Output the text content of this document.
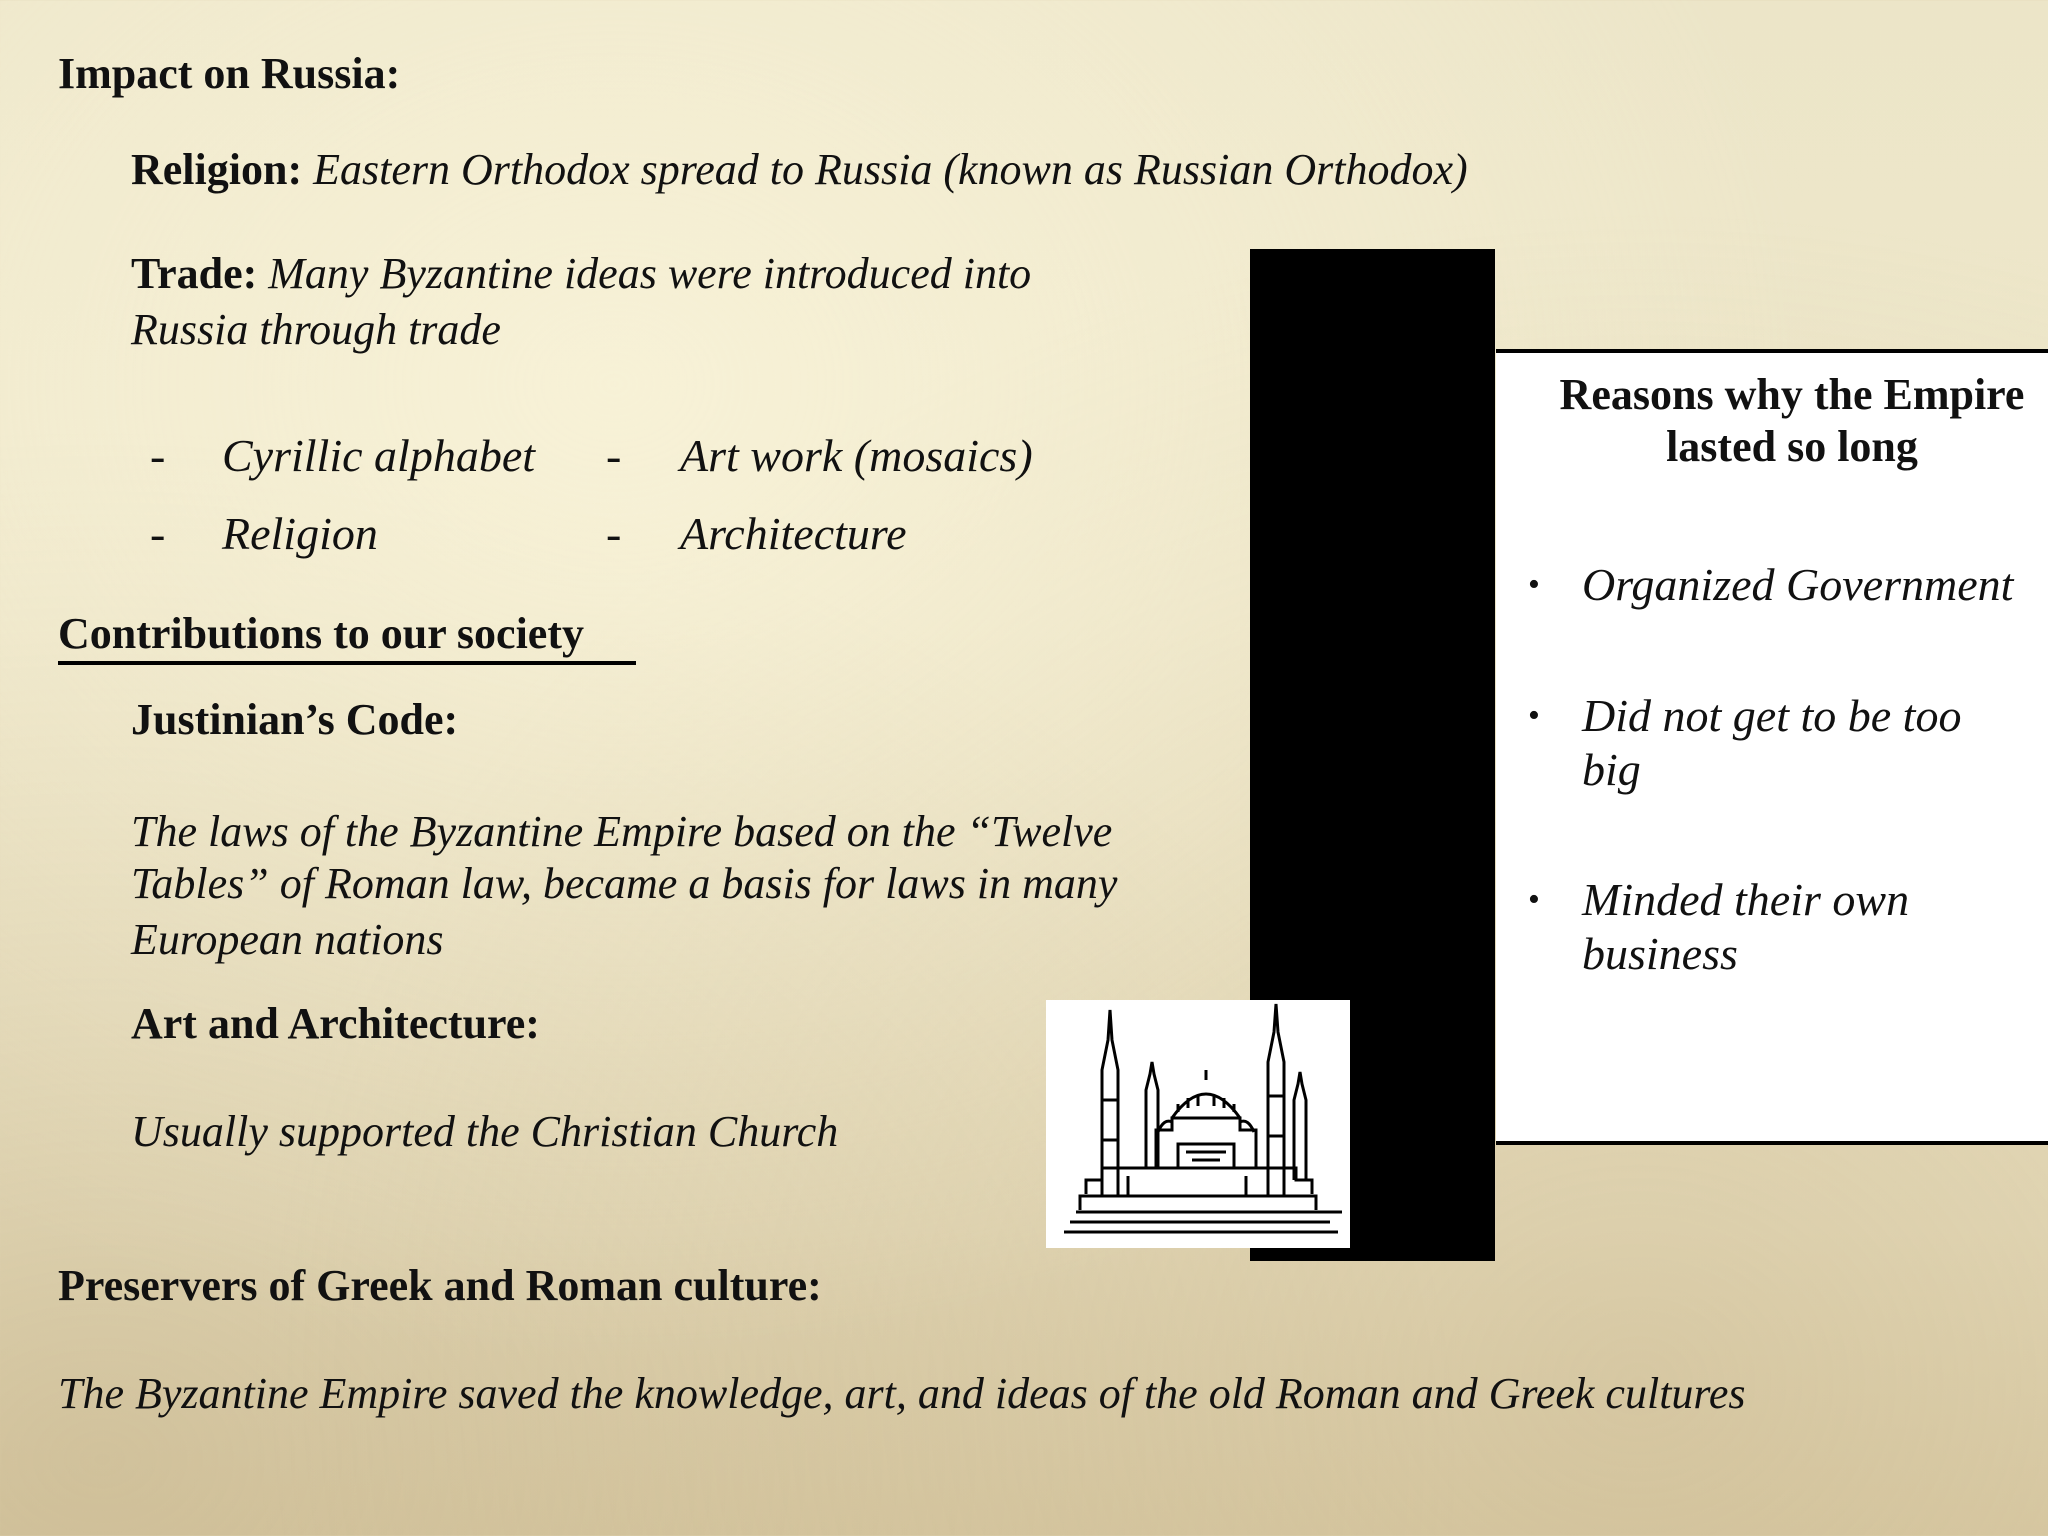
Impact on Russia:

Religion: Eastern Orthodox spread to Russia (known as Russian Orthodox)

Trade: Many Byzantine ideas were introduced into

Russia through trade

- Cyrillic alphabet - Art work (mosaics)
- Religion	- Architecture

Contributions to our society

Justinian’s Code:

The laws of the Byzantine Empire based on the “Twelve

Tables” of Roman law, became a basis for laws in many

European nations

Art and Architecture:

Usually supported the Christian Church

Preservers of Greek and Roman culture:

The Byzantine Empire saved the knowledge, art, and ideas of the old Roman and Greek cultures

Reasons why the Empire
lasted so long
• Organized Government
• Did not get to be too big
• Minded their own business
